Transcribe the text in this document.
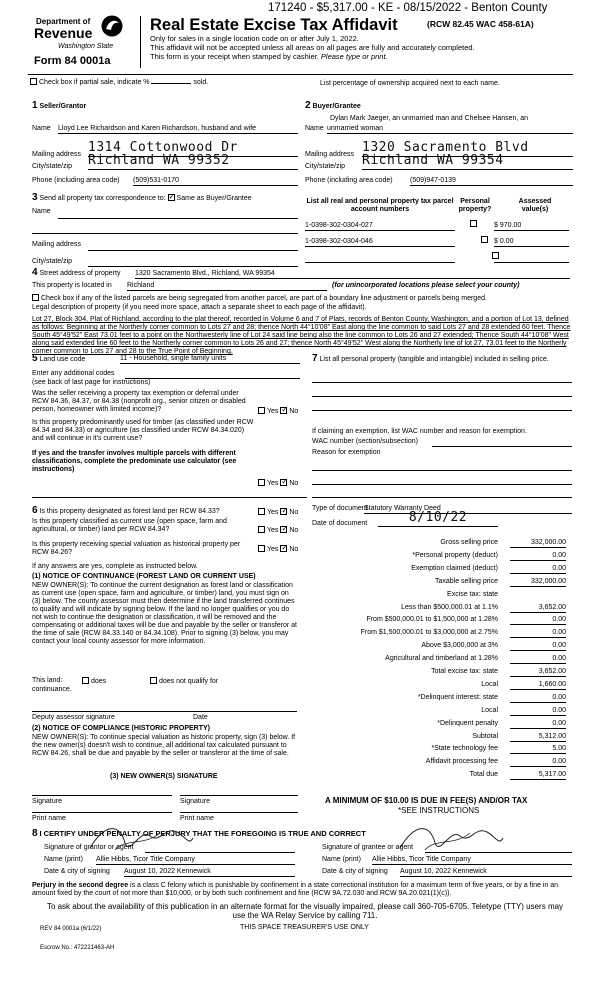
171240 - $5,317.00 - KE - 08/15/2022 - Benton County
Department of
Revenue
Washington State
Form 84 0001a
Real Estate Excise Tax Affidavit	(RCW 82.45 WAC 458-61A)
Only for sales in a single location code on or after July 1, 2022.
This affidavit will not be accepted unless all areas on all pages are fully and accurately completed.
This form is your receipt when stamped by cashier. Please type or print.
Check box if partial sale, indicate %	sold.	List percentage of ownership acquired next to each name.
1 Seller/Grantor
Name Lloyd Lee Richardson and Karen Richardson, husband and wife
Mailing address 1314 Cottonwood Dr
City/state/zip Richland WA 99352
Phone (including area code) (509)531-0170
2 Buyer/Grantee
Dylan Mark Jaeger, an unmarried man and Chelsee Hansen, an
Name unmarried woman
Mailing address 1320 Sacramento Blvd
City/state/zip Richland WA 99354
Phone (including area code) (509)947-0139
3 Send all property tax correspondence to: ✓ Same as Buyer/Grantee
Name
Mailing address
City/state/zip
List all real and personal property tax parcel account numbers
Personal property?
Assessed value(s)
1-0398-302-0304-027
	$ 970.00
1-0398-302-0304-046
	$ 0.00
4 Street address of property 1320 Sacramento Blvd., Richland, WA 99354
This property is located in Richland	(for unincorporated locations please select your county)
Check box if any of the listed parcels are being segregated from another parcel, are part of a boundary line adjustment or parcels being merged.
Legal description of property (if you need more space, attach a separate sheet to each page of the affidavit).
Lot 27, Block 304, Plat of Richland, according to the plat thereof, recorded in Volume 6 and 7 of Plats, records of Benton County, Washington, and a portion of Lot 13, defined as follows: Beginning at the Northerly corner common to Lots 27 and 28; thence North 44°10'08" East along the line common to said Lots 27 and 28 extended 60 feet. Thence South 45°49'52" East 73.01 feet to a point on the Northwesterly line of Lot 24 said line being also the line common to Lots 26 and 27 extended; Thence South 44°10'08" West along said extended line 60 feet to the Northerly corner common to Lots 26 and 27; thence North 45°49'52" West along the Northerly line of lot 27, 73.01 feet to the Northerly corner common to Lots 27 and 28 to the True Point of Beginning.
5 Land use code	11 - Household, single family units
Enter any additional codes
(see back of last page for instructions)
Was the seller receiving a property tax exemption or deferral under RCW 84.36, 84.37, or 84.38 (nonprofit org., senior citizen or disabled person, homeowner with limited income)?	Yes ✓ No
Is this property predominantly used for timber (as classified under RCW 84.34 and 84.33) or agriculture (as classified under RCW 84.34.020) and will continue in it's current use?
If yes and the transfer involves multiple parcels with different classifications, complete the predominate use calculator (see instructions)
Yes ✓ No
7 List all personal property (tangible and intangible) included in selling price.
If claiming an exemption, list WAC number and reason for exemption.
WAC number (section/subsection)
Reason for exemption
6 Is this property designated as forest land per RCW 84.33?	Yes ✓ No
Is this property classified as current use (open space, farm and agricultural, or timber) land per RCW 84.34?	Yes ✓ No
Is this property receiving special valuation as historical property per RCW 84.26?	Yes ✓ No
If any answers are yes, complete as instructed below.
(1) NOTICE OF CONTINUANCE (FOREST LAND OR CURRENT USE)
NEW OWNER(S): To continue the current designation as forest land or classification as current use (open space, farm and agriculture, or timber) land, you must sign on (3) below. The county assessor must then determine if the land transferred continues to qualify and will indicate by signing below. If the land no longer qualifies or you do not wish to continue the designation or classification, it will be removed and the compensating or additional taxes will be due and payable by the seller or transferor at the time of sale (RCW 84.33.140 or 84.34.108). Prior to signing (3) below, you may contact your local county assessor for more information.
This land:	does	does not qualify for
continuance.
Deputy assessor signature	Date
(2) NOTICE OF COMPLIANCE (HISTORIC PROPERTY)
NEW OWNER(S): To continue special valuation as historic property, sign (3) below. If the new owner(s) doesn't wish to continue, all additional tax calculated pursuant to RCW 84.26, shall be due and payable by the seller or transferor at the time of sale.
(3) NEW OWNER(S) SIGNATURE
Signature	Signature
Print name	Print name
Type of document
Statutory Warranty Deed
Date of document	8/10/22
Gross selling price	332,000.00
*Personal property (deduct)	0.00
Exemption claimed (deduct)	0.00
Taxable selling price	332,000.00
Excise tax: state
Less than $500,000.01 at 1.1%	3,652.00
From $500,000.01 to $1,500,000 at 1.28%	0.00
From $1,500,000.01 to $3,000,000 at 2.75%	0.00
Above $3,000,000 at 3%	0.00
Agricultural and timberland at 1.28%	0.00
Total excise tax: state	3,652.00
Local	1,660.00
*Delinquent interest: state	0.00
Local	0.00
*Delinquent penalty	0.00
Subtotal	5,312.00
*State technology fee	5.00
Affidavit processing fee	0.00
Total due	5,317.00
A MINIMUM OF $10.00 IS DUE IN FEE(S) AND/OR TAX
*SEE INSTRUCTIONS
8 I CERTIFY UNDER PENALTY OF PERJURY THAT THE FOREGOING IS TRUE AND CORRECT
Signature of grantor or agent
Name (print) Allie Hibbs, Ticor Title Company
Date & city of signing August 10, 2022 Kennewick
Signature of grantee or agent
Name (print) Allie Hibbs, Ticor Title Company
Date & city of signing August 10, 2022 Kennewick
Perjury in the second degree is a class C felony which is punishable by confinement in a state correctional institution for a maximum term of five years, or by a fine in an amount fixed by the court of not more than $10,000, or by both such confinement and fine (RCW 9A.72.030 and RCW 9A.20.021(1)(c)).
To ask about the availability of this publication in an alternate format for the visually impaired, please call 360-705-6705. Teletype (TTY) users may use the WA Relay Service by calling 711.
REV 84 0001a (6/1/22)	THIS SPACE TREASURER'S USE ONLY
Escrow No.: 472221463-AH
